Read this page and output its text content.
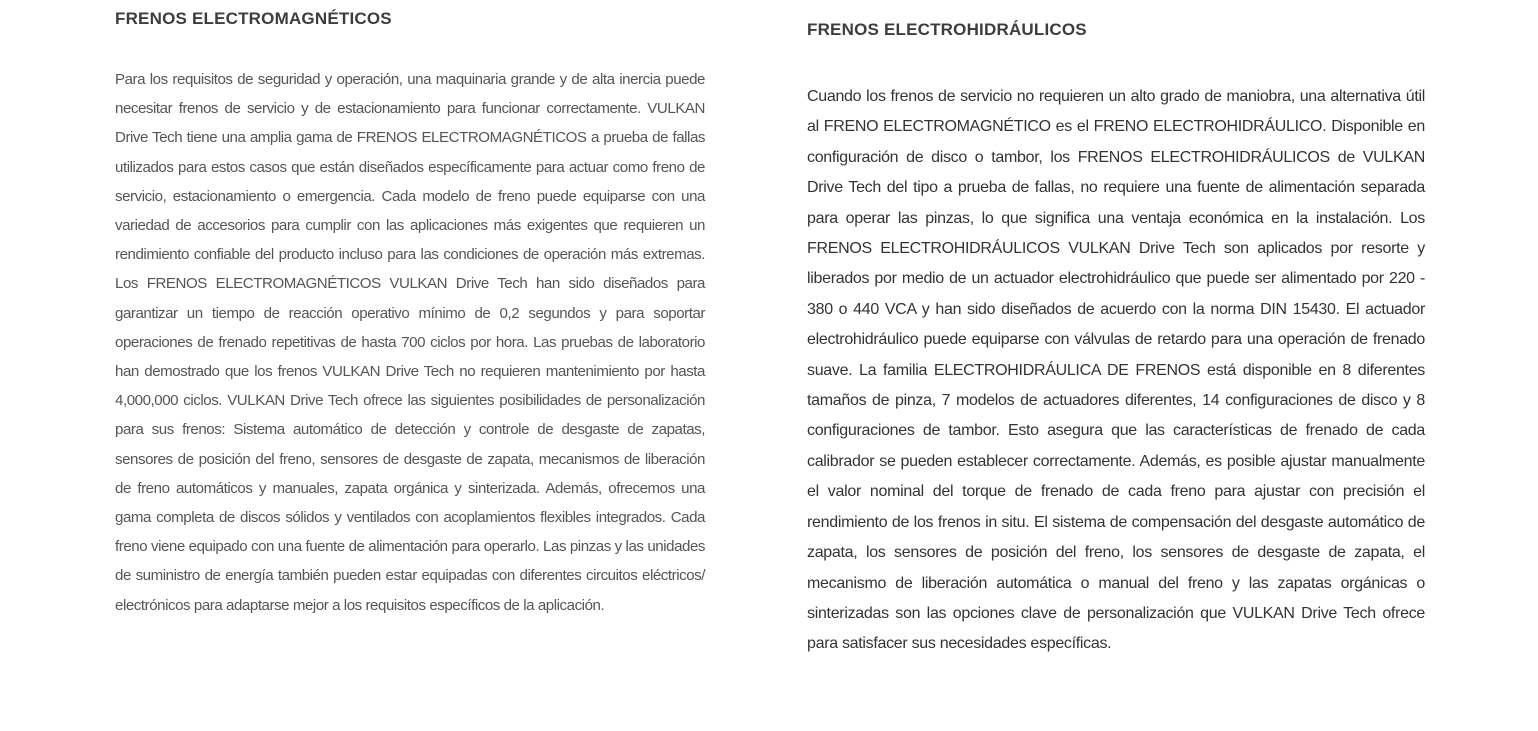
FRENOS ELECTROMAGNÉTICOS

Para los requisitos de seguridad y operación, una maquinaria grande y de alta inercia puede necesitar frenos de servicio y de estacionamiento para funcionar correctamente. VULKAN Drive Tech tiene una amplia gama de FRENOS ELECTROMAGNÉTICOS a prueba de fallas utilizados para estos casos que están diseñados específicamente para actuar como freno de servicio, estacionamiento o emergencia. Cada modelo de freno puede equiparse con una variedad de accesorios para cumplir con las aplicaciones más exigentes que requieren un rendimiento confiable del producto incluso para las condiciones de operación más extremas. Los FRENOS ELECTROMAGNÉTICOS VULKAN Drive Tech han sido diseñados para garantizar un tiempo de reacción operativo mínimo de 0,2 segundos y para soportar operaciones de frenado repetitivas de hasta 700 ciclos por hora. Las pruebas de laboratorio han demostrado que los frenos VULKAN Drive Tech no requieren mantenimiento por hasta 4,000,000 ciclos. VULKAN Drive Tech ofrece las siguientes posibilidades de personalización para sus frenos: Sistema automático de detección y controle de desgaste de zapatas, sensores de posición del freno, sensores de desgaste de zapata, mecanismos de liberación de freno automáticos y manuales, zapata orgánica y sinterizada. Además, ofrecemos una gama completa de discos sólidos y ventilados con acoplamientos flexibles integrados. Cada freno viene equipado con una fuente de alimentación para operarlo. Las pinzas y las unidades de suministro de energía también pueden estar equipadas con diferentes circuitos eléctricos/ electrónicos para adaptarse mejor a los requisitos específicos de la aplicación.

FRENOS ELECTROHIDRÁULICOS

Cuando los frenos de servicio no requieren un alto grado de maniobra, una alternativa útil al FRENO ELECTROMAGNÉTICO es el FRENO ELECTROHIDRÁULICO. Disponible en configuración de disco o tambor, los FRENOS ELECTROHIDRÁULICOS de VULKAN Drive Tech del tipo a prueba de fallas, no requiere una fuente de alimentación separada para operar las pinzas, lo que significa una ventaja económica en la instalación. Los FRENOS ELECTROHIDRÁULICOS VULKAN Drive Tech son aplicados por resorte y liberados por medio de un actuador electrohidráulico que puede ser alimentado por 220 - 380 o 440 VCA y han sido diseñados de acuerdo con la norma DIN 15430. El actuador electrohidráulico puede equiparse con válvulas de retardo para una operación de frenado suave. La familia ELECTROHIDRÁULICA DE FRENOS está disponible en 8 diferentes tamaños de pinza, 7 modelos de actuadores diferentes, 14 configuraciones de disco y 8 configuraciones de tambor. Esto asegura que las características de frenado de cada calibrador se pueden establecer correctamente. Además, es posible ajustar manualmente el valor nominal del torque de frenado de cada freno para ajustar con precisión el rendimiento de los frenos in situ. El sistema de compensación del desgaste automático de zapata, los sensores de posición del freno, los sensores de desgaste de zapata, el mecanismo de liberación automática o manual del freno y las zapatas orgánicas o sinterizadas son las opciones clave de personalización que VULKAN Drive Tech ofrece para satisfacer sus necesidades específicas.
